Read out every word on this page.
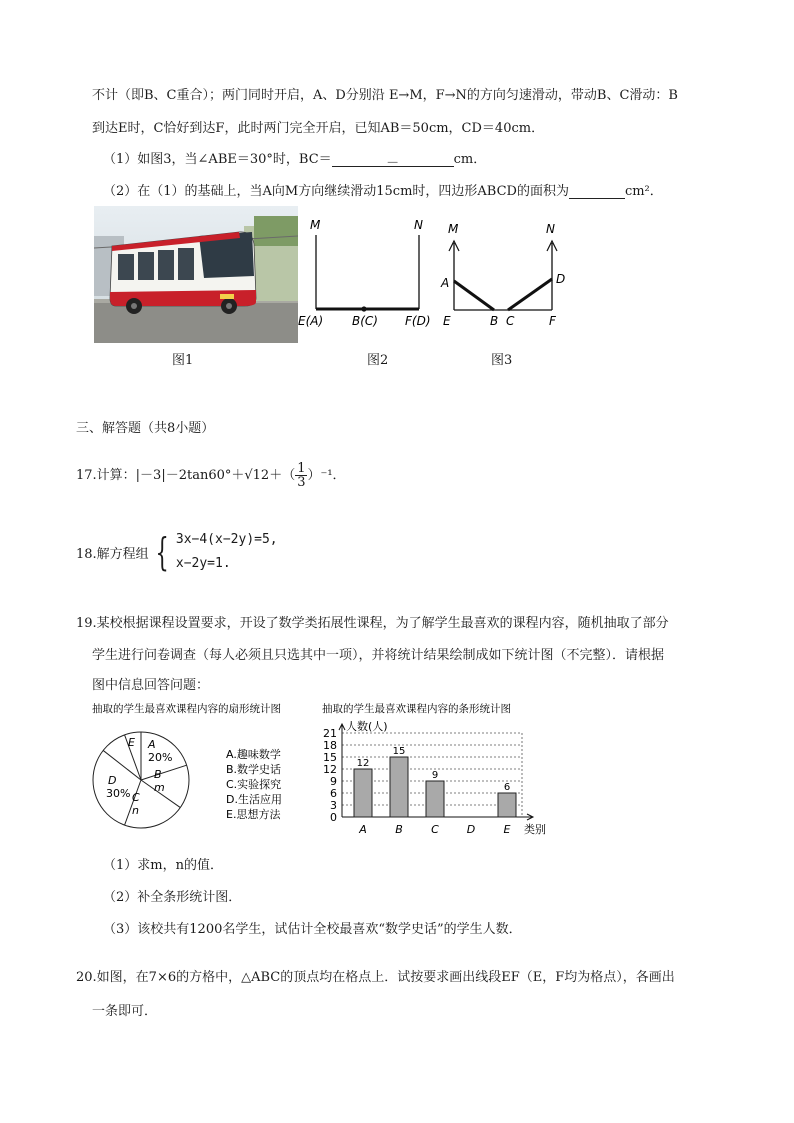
不计（即B、C重合）；两门同时开启，A、D分别沿 E→M，F→N的方向匀速滑动，带动B、C滑动：B
到达E时，C恰好到达F，此时两门完全开启，已知AB＝50cm，CD＝40cm．
（1）如图3，当∠ABE＝30°时，BC＝	－	cm．
（2）在（1）的基础上，当A向M方向继续滑动15cm时，四边形ABCD的面积为	cm²．
图1
M	N
E(A) B(C) F(D)
图2
M	N
A	D
E	B C	F
图3
三、解答题（共8小题）
17.计算：$|-3|-2\tan 60^\circ+√12+( \frac{1}{3} )^{-1}$．
18.解方程组 { 3x−4(x−2y)=5,
x−2y=1.
19.某校根据课程设置要求，开设了数学类拓展性课程，为了解学生最喜欢的课程内容，随机抽取了部分
学生进行问卷调查（每人必须且只选其中一项），并将统计结果绘制成如下统计图（不完整）．请根据
图中信息回答问题：
抽取的学生最喜欢课程内容的扇形统计图
A
20%
B
m
C
n
D
30%
E
A.趣味数学
B.数学史话
C.实验探究
D.生活应用
E.思想方法
抽取的学生最喜欢课程内容的条形统计图
0
3
6
9
12
15
18
21
人数(人)
类别
A
12
B
15
C
9
D	E
6
（1）求m，n的值．
（2）补全条形统计图．
（3）该校共有1200名学生，试估计全校最喜欢“数学史话”的学生人数．
20.如图，在7×6的方格中，△ABC的顶点均在格点上．试按要求画出线段EF（E，F均为格点），各画出
一条即可．
